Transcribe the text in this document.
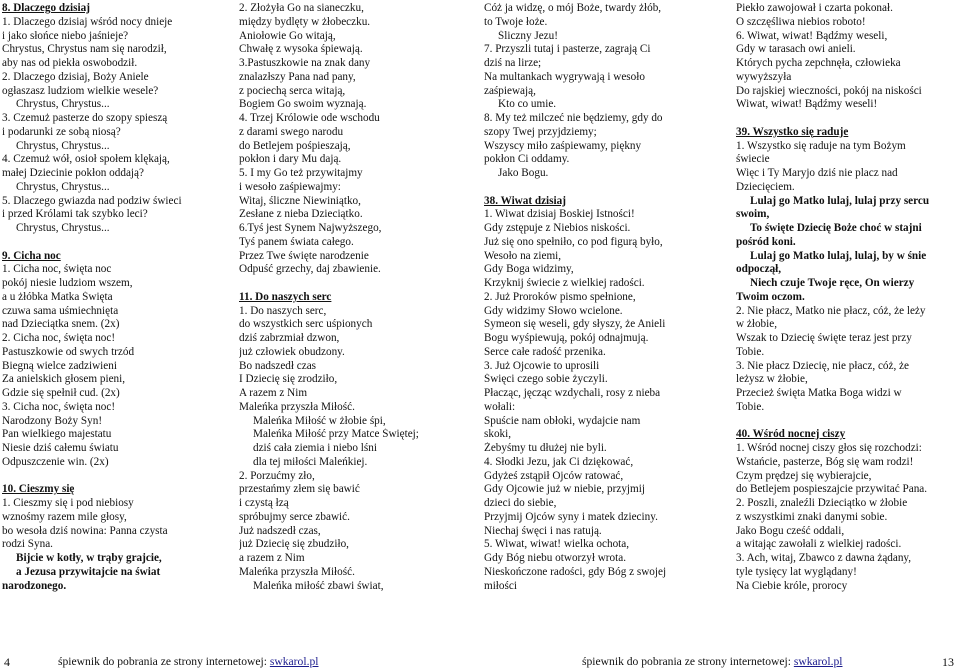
8. Dlaczego dzisiaj
1. Dlaczego dzisiaj wśród nocy dnieje
i jako słońce niebo jaśnieje?
Chrystus, Chrystus nam się narodził,
aby nas od piekła oswobodził.
2. Dlaczego dzisiaj, Boży Aniele
ogłaszasz ludziom wielkie wesele?
Chrystus, Chrystus...
3. Czemuż pasterze do szopy spieszą
i podarunki ze sobą niosą?
Chrystus, Chrystus...
4. Czemuż wół, osioł społem klękają,
małej Dziecinie pokłon oddają?
Chrystus, Chrystus...
5. Dlaczego gwiazda nad podziw świeci
i przed Królami tak szybko leci?
Chrystus, Chrystus...
9. Cicha noc
1. Cicha noc, święta noc
pokój niesie ludziom wszem,
a u żłóbka Matka Święta
czuwa sama uśmiechnięta
nad Dzieciątka snem. (2x)
2. Cicha noc, święta noc!
Pastuszkowie od swych trzód
Biegną wielce zadziwieni
Za anielskich głosem pieni,
Gdzie się spełnił cud. (2x)
3. Cicha noc, święta noc!
Narodzony Boży Syn!
Pan wielkiego majestatu
Niesie dziś całemu światu
Odpuszczenie win. (2x)
10. Cieszmy się
1. Cieszmy się i pod niebiosy
wznośmy razem mile głosy,
bo wesoła dziś nowina: Panna czysta
rodzi Syna.
Bijcie w kotły, w trąby grajcie,
a Jezusa przywitajcie na świat
narodzonego.
2. Złożyła Go na sianeczku,
między bydlęty w żłobeczku.
Aniołowie Go witają,
Chwałę z wysoka śpiewają.
3.Pastuszkowie na znak dany
znalazłszy Pana nad pany,
z pociechą serca witają,
Bogiem Go swoim wyznają.
4. Trzej Królowie ode wschodu
z darami swego narodu
do Betlejem pośpieszają,
pokłon i dary Mu dają.
5. I my Go też przywitajmy
i wesoło zaśpiewajmy:
Witaj, śliczne Niewiniątko,
Zesłane z nieba Dzieciątko.
6.Tyś jest Synem Najwyższego,
Tyś panem świata całego.
Przez Twe święte narodzenie
Odpuść grzechy, daj zbawienie.
11. Do naszych serc
1. Do naszych serc,
do wszystkich serc uśpionych
dziś zabrzmiał dzwon,
już człowiek obudzony.
Bo nadszedł czas
I Dziecię się zrodziło,
A razem z Nim
Maleńka przyszła Miłość.
Maleńka Miłość w żłobie śpi,
Maleńka Miłość przy Matce Świętej;
dziś cała ziemia i niebo lśni
dla tej miłości Maleńkiej.
2. Porzućmy zło,
przestańmy złem się bawić
i czystą łzą
spróbujmy serce zbawić.
Już nadszedł czas,
już Dziecię się zbudziło,
a razem z Nim
Maleńka przyszła Miłość.
Maleńka miłość zbawi świat,
Cóż ja widzę, o mój Boże, twardy żłób,
to Twoje łoże.
Śliczny Jezu!
7. Przyszli tutaj i pasterze, zagrają Ci
dziś na lirze;
Na multankach wygrywają i wesoło
zaśpiewają,
Kto co umie.
8. My też milczeć nie będziemy, gdy do
szopy Twej przyjdziemy;
Wszyscy miło zaśpiewamy, piękny
pokłon Ci oddamy.
Jako Bogu.
38. Wiwat dzisiaj
1. Wiwat dzisiaj Boskiej Istności!
Gdy zstępuje z Niebios niskości.
Już się ono spełniło, co pod figurą było,
Wesoło na ziemi,
Gdy Boga widzimy,
Krzyknij świecie z wielkiej radości.
2. Już Proroków pismo spełnione,
Gdy widzimy Słowo wcielone.
Symeon się weseli, gdy słyszy, że Anieli
Bogu wyśpiewują, pokój odnajmują.
Serce całe radość przenika.
3. Już Ojcowie to uprosili
Święci czego sobie życzyli.
Płacząc, jęcząc wzdychali, rosy z nieba
wołali:
Spuście nam obłoki, wydajcie nam
skoki,
Żebyśmy tu dłużej nie byli.
4. Słodki Jezu, jak Ci dziękować,
Gdyżeś zstąpił Ojców ratować,
Gdy Ojcowie już w niebie, przyjmij
dzieci do siebie,
Przyjmij Ojców syny i matek dzieciny.
Niechaj śwęci i nas ratują.
5. Wiwat, wiwat! wielka ochota,
Gdy Bóg niebu otworzył wrota.
Nieskończone radości, gdy Bóg z swojej
miłości
Piekło zawojował i czarta pokonał.
O szczęśliwa niebios roboto!
6. Wiwat, wiwat! Bądźmy weseli,
Gdy w tarasach owi anieli.
Których pycha zepchnęła, człowieka
wywyższyła
Do rajskiej wieczności, pokój na niskości
Wiwat, wiwat! Bądźmy weseli!
39. Wszystko się raduje
1. Wszystko się raduje na tym Bożym
świecie
Więc i Ty Maryjo dziś nie placz nad
Dziecięciem.
Lulaj go Matko lulaj, lulaj przy sercu
swoim,
To święte Dziecię Boże choć w stajni
pośród koni.
Lulaj go Matko lulaj, lulaj, by w śnie
odpoczął,
Niech czuje Twoje ręce, On wierzy
Twoim oczom.
2. Nie płacz, Matko nie płacz, cóż, że leży
w żłobie,
Wszak to Dziecię święte teraz jest przy
Tobie.
3. Nie płacz Dziecię, nie płacz, cóż, że
leżysz w żłobie,
Przecież święta Matka Boga widzi w
Tobie.
40. Wśród nocnej ciszy
1. Wśród nocnej ciszy głos się rozchodzi:
Wstańcie, pasterze, Bóg się wam rodzi!
Czym prędzej się wybierajcie,
do Betlejem pospieszajcie przywitać Pana.
2. Poszli, znaleźli Dzieciątko w żłobie
z wszystkimi znaki danymi sobie.
Jako Bogu cześć oddali,
a witając zawołali z wielkiej radości.
3. Ach, witaj, Zbawco z dawna żądany,
tyle tysięcy lat wyglądany!
Na Ciebie króle, prorocy
4	śpiewnik do pobrania ze strony internetowej: swkarol.pl	śpiewnik do pobrania ze strony internetowej: swkarol.pl	13
